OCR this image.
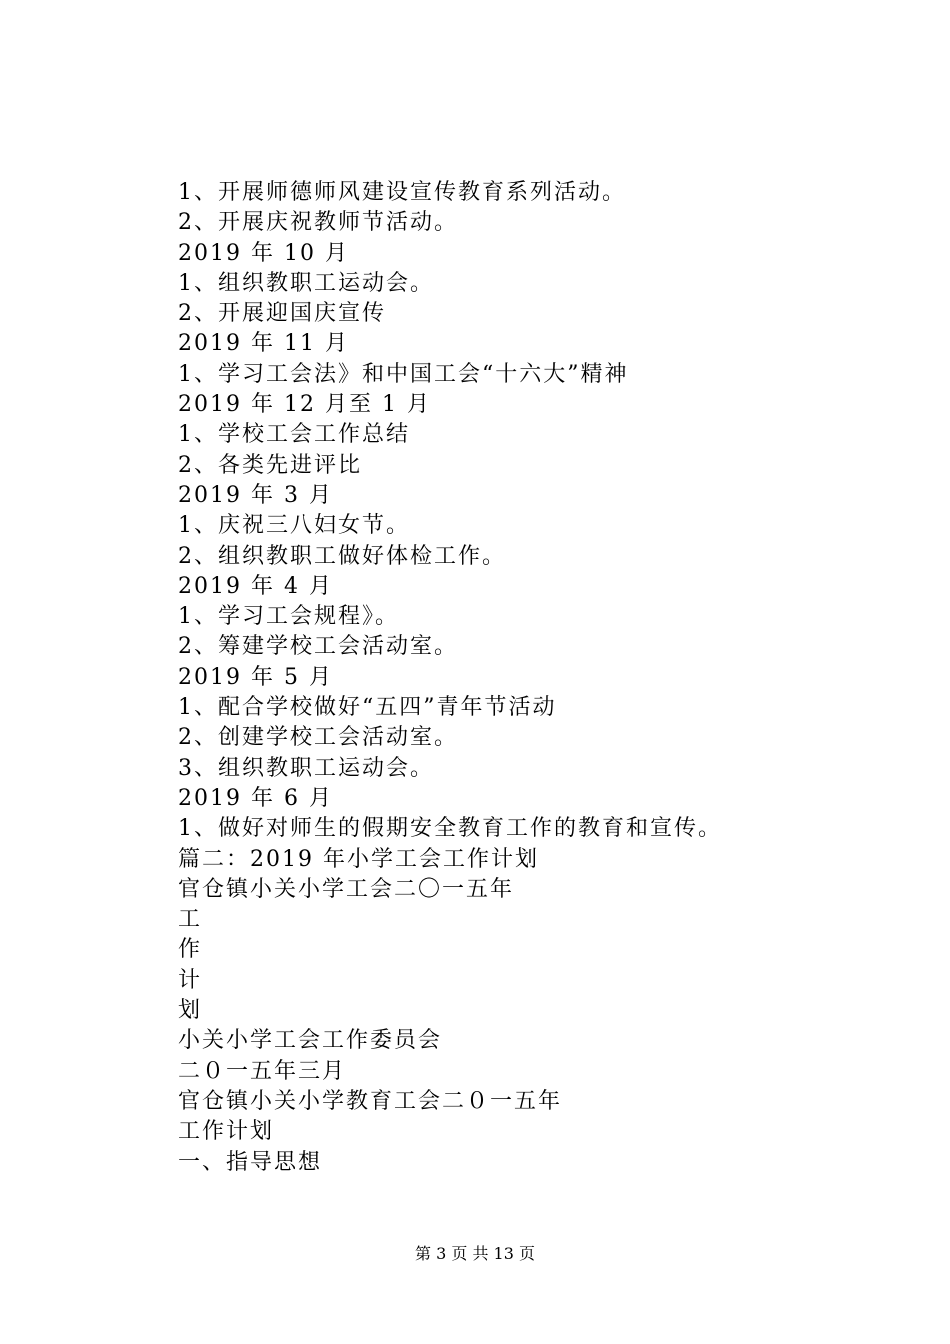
1、开展师德师风建设宣传教育系列活动。
2、开展庆祝教师节活动。
2019 年 10 月
1、组织教职工运动会。
2、开展迎国庆宣传
2019 年 11 月
1、学习工会法》和中国工会“十六大”精神
2019 年 12 月至 1 月
1、学校工会工作总结
2、各类先进评比
2019 年 3 月
1、庆祝三八妇女节。
2、组织教职工做好体检工作。
2019 年 4 月
1、学习工会规程》。
2、筹建学校工会活动室。
2019 年 5 月
1、配合学校做好“五四”青年节活动
2、创建学校工会活动室。
3、组织教职工运动会。
2019 年 6 月
1、做好对师生的假期安全教育工作的教育和宣传。
篇二：2019 年小学工会工作计划
官仓镇小关小学工会二〇一五年
工
作
计
划
小关小学工会工作委员会
二０一五年三月
官仓镇小关小学教育工会二０一五年
工作计划
一、指导思想
第 3 页 共 13 页
